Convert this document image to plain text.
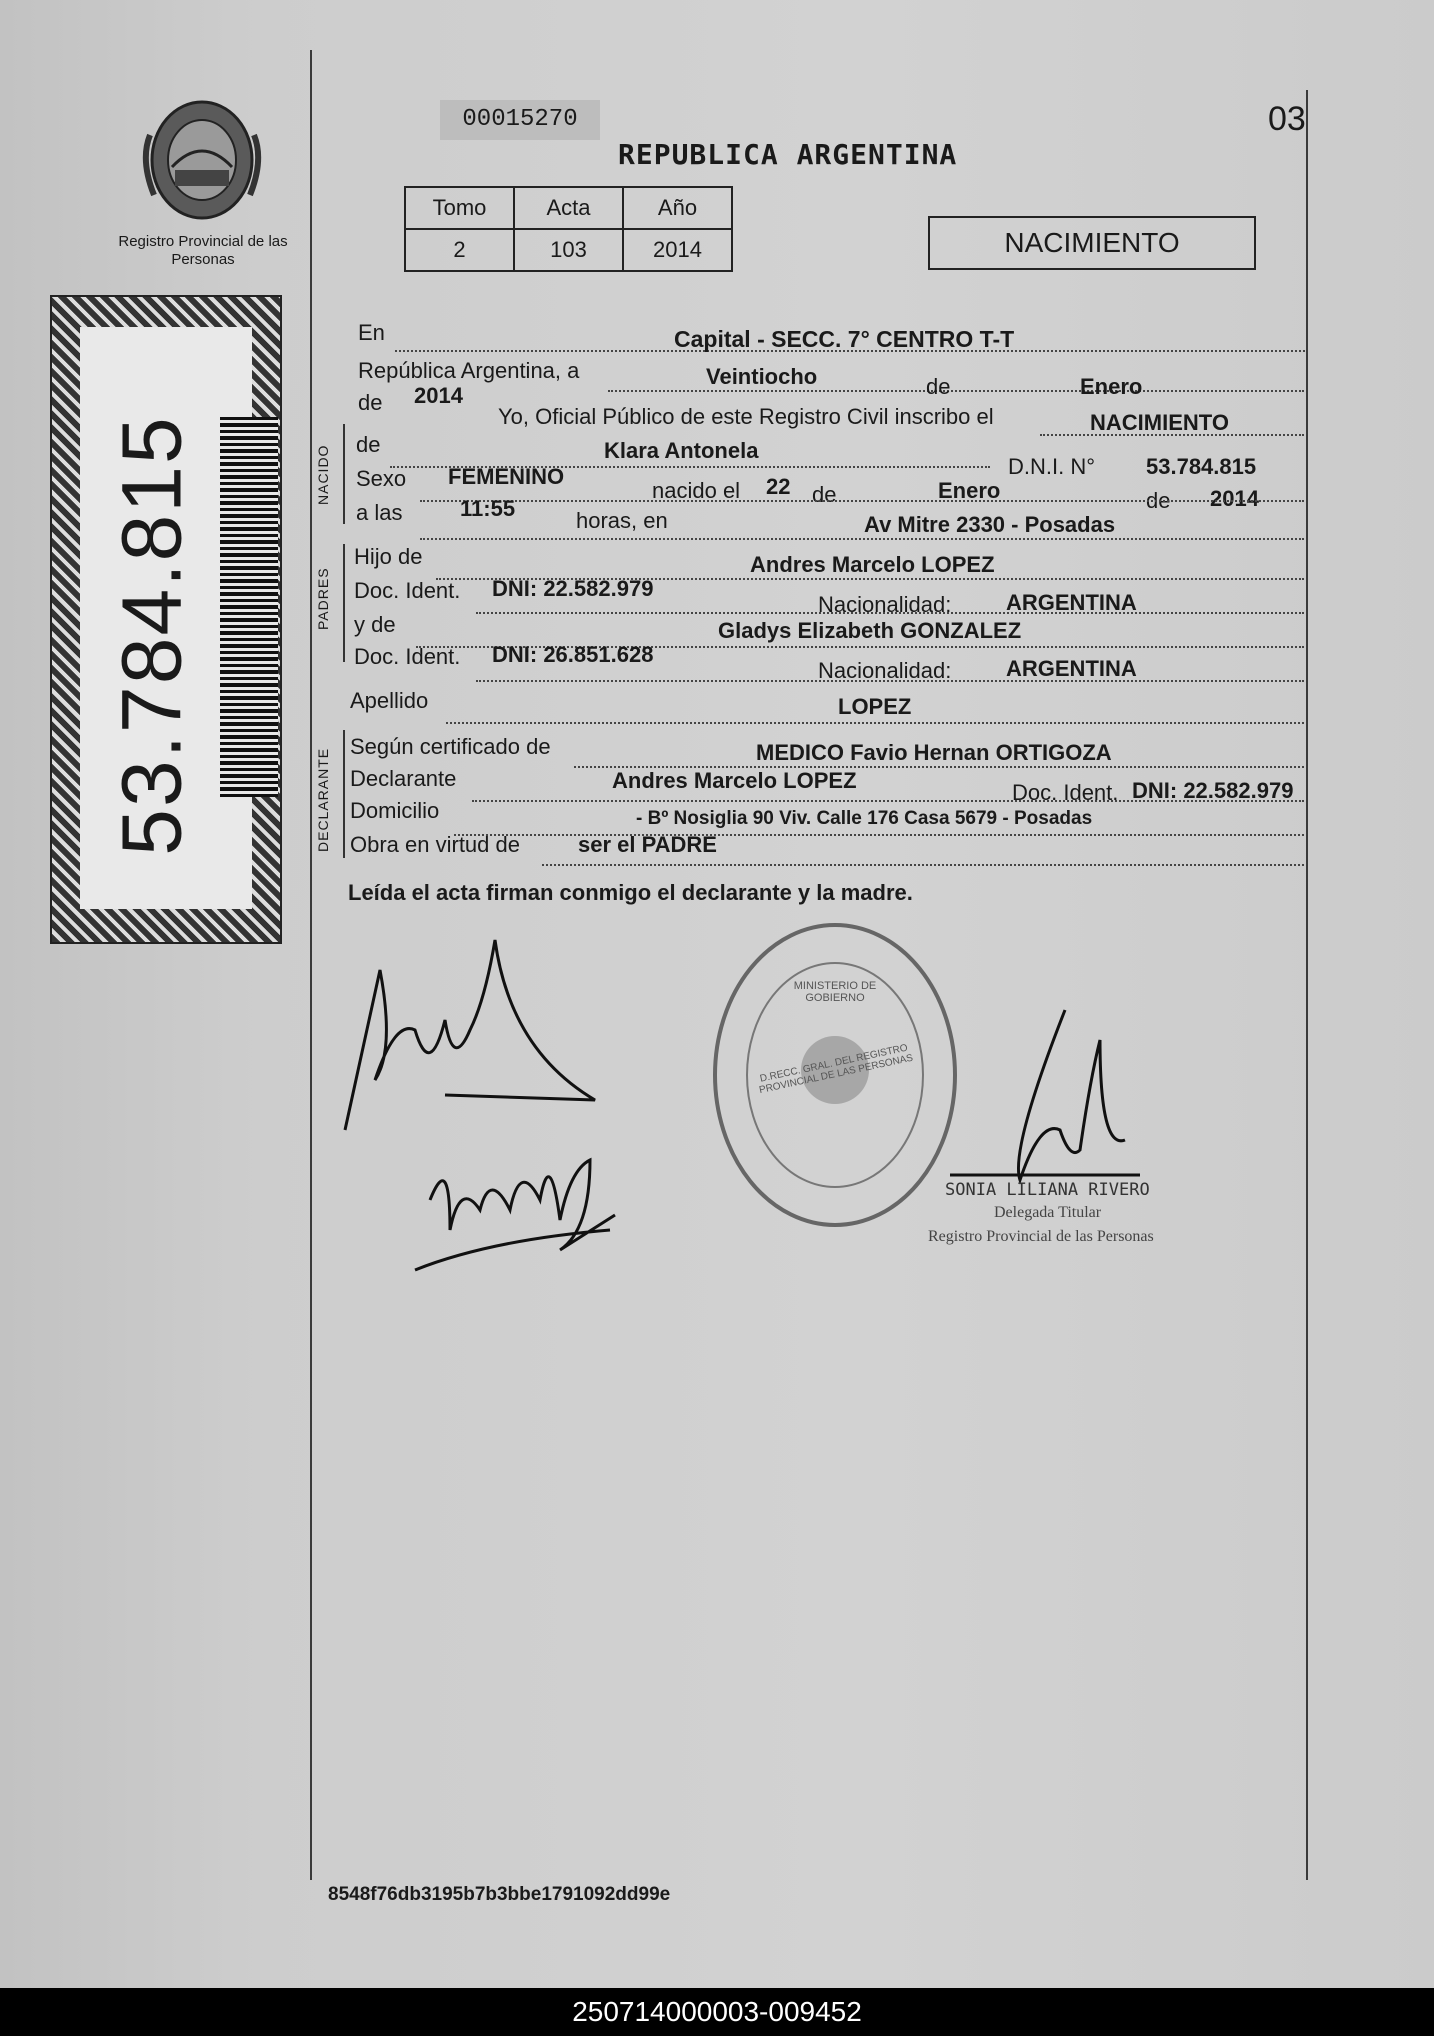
Registro Provincial de las Personas
53.784.815
00015270
REPUBLICA ARGENTINA
03
Tomo	Acta	Año
2	103	2014	NACIMIENTO
En	Capital - SECC. 7° CENTRO T-T
República Argentina, a	Veintiocho	de	Enero
de 2014
Yo, Oficial Público de este Registro Civil inscribo el	NACIMIENTO
NACIDO
de	Klara Antonela
D.N.I. N° 53.784.815
Sexo FEMENINO
nacido el 22 de	Enero	de 2014
a las	11:55	horas, en	Av Mitre 2330 - Posadas
PADRES
Hijo de	Andres Marcelo LOPEZ
Doc. Ident. DNI: 22.582.979
Nacionalidad: ARGENTINA
y de	Gladys Elizabeth GONZALEZ
Doc. Ident. DNI: 26.851.628
Nacionalidad: ARGENTINA
Apellido	LOPEZ
DECLARANTE
Según certificado de	MEDICO Favio Hernan ORTIGOZA
Declarante	Andres Marcelo LOPEZ	Doc. Ident. DNI: 22.582.979
Domicilio	- Bº Nosiglia 90 Viv. Calle 176 Casa 5679 - Posadas
Obra en virtud de	ser el PADRE
Leída el acta firman conmigo el declarante y la madre.
D.RECC. GRAL. DEL REGISTRO PROVINCIAL DE LAS PERSONAS
MINISTERIO DE GOBIERNO
SONIA LILIANA RIVERO
Delegada Titular
Registro Provincial de las Personas
8548f76db3195b7b3bbe1791092dd99e
250714000003-009452
